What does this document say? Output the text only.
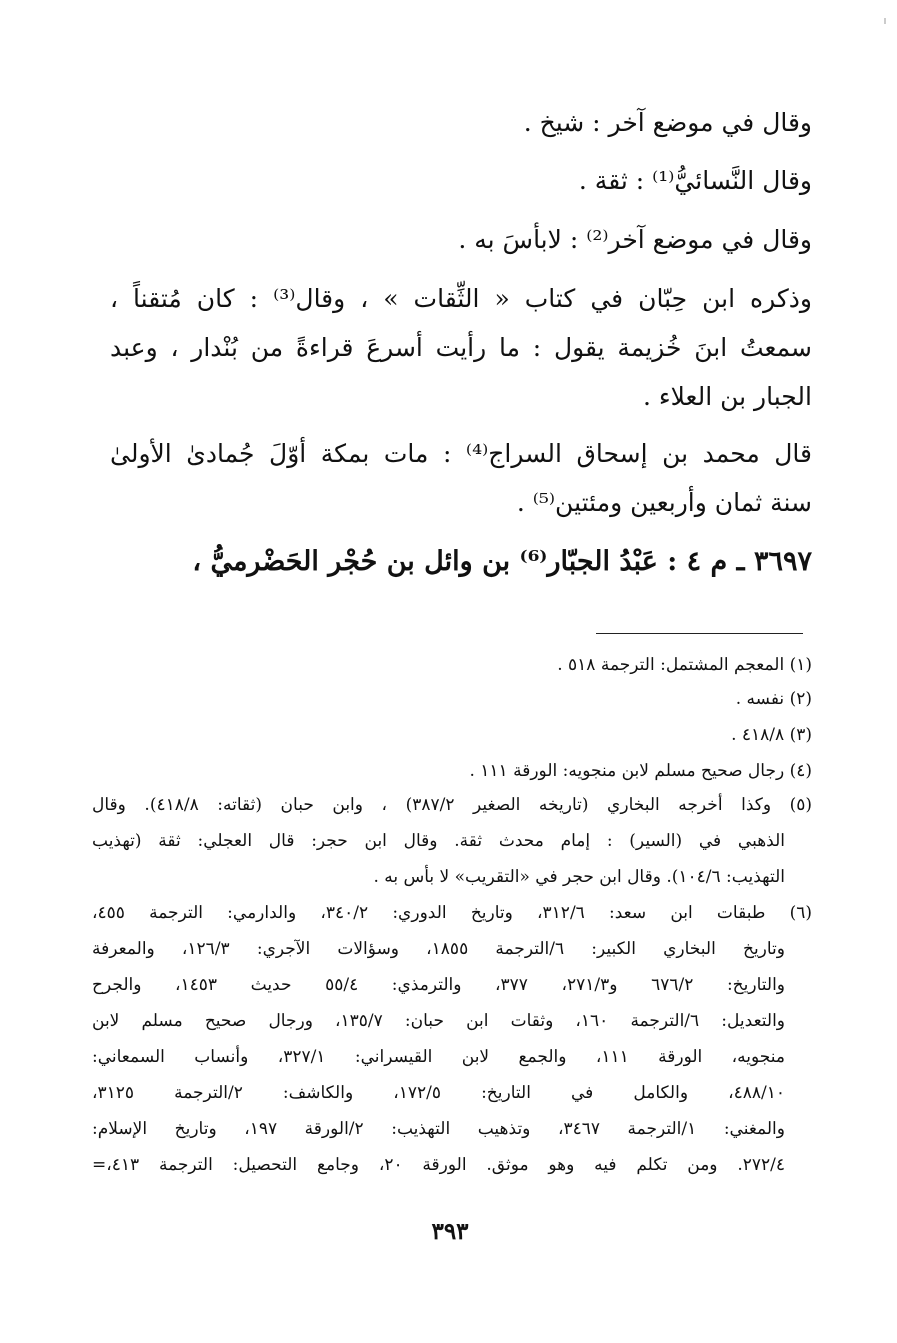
وقال في موضع آخر : شيخ .
وقال النَّسائيُّ⁽¹⁾ : ثقة .
وقال في موضع آخر⁽²⁾ : لابأسَ به .
وذكره ابن حِبّان في كتاب « الثِّقات » ، وقال⁽³⁾ : كان مُتقناً ،
سمعتُ ابنَ خُزيمة يقول : ما رأيت أسرعَ قراءةً من بُنْدار ، وعبد
الجبار بن العلاء .
قال محمد بن إسحاق السراج⁽⁴⁾ : مات بمكة أوّلَ جُمادىٰ الأولىٰ
سنة ثمان وأربعين ومئتين⁽⁵⁾ .
٣٦٩٧ ـ م ٤ : عَبْدُ الجبّار⁽⁶⁾ بن وائل بن حُجْر الحَضْرميُّ ،
(١) المعجم المشتمل: الترجمة ٥١٨ .
(٢) نفسه .
(٣) ٤١٨/٨ .
(٤) رجال صحيح مسلم لابن منجويه: الورقة ١١١ .
(٥) وكذا أخرجه البخاري (تاريخه الصغير ٣٨٧/٢) ، وابن حبان (ثقاته: ٤١٨/٨). وقال
الذهبي في (السير) : إمام محدث ثقة. وقال ابن حجر: قال العجلي: ثقة (تهذيب
التهذيب: ١٠٤/٦). وقال ابن حجر في «التقريب» لا بأس به .
(٦) طبقات ابن سعد: ٣١٢/٦، وتاريخ الدوري: ٣٤٠/٢، والدارمي: الترجمة ٤٥٥،
وتاريخ البخاري الكبير: ٦/الترجمة ١٨٥٥، وسؤالات الآجري: ١٢٦/٣، والمعرفة
والتاريخ: ٦٧٦/٢ و٢٧١/٣، ٣٧٧، والترمذي: ٥٥/٤ حديث ١٤٥٣، والجرح
والتعديل: ٦/الترجمة ١٦٠، وثقات ابن حبان: ١٣٥/٧، ورجال صحيح مسلم لابن
منجويه، الورقة ١١١، والجمع لابن القيسراني: ٣٢٧/١، وأنساب السمعاني:
٤٨٨/١٠، والكامل في التاريخ: ١٧٢/٥، والكاشف: ٢/الترجمة ٣١٢٥،
والمغني: ١/الترجمة ٣٤٦٧، وتذهيب التهذيب: ٢/الورقة ١٩٧، وتاريخ الإسلام:
٢٧٢/٤. ومن تكلم فيه وهو موثق. الورقة ٢٠، وجامع التحصيل: الترجمة ٤١٣،=
٣٩٣
